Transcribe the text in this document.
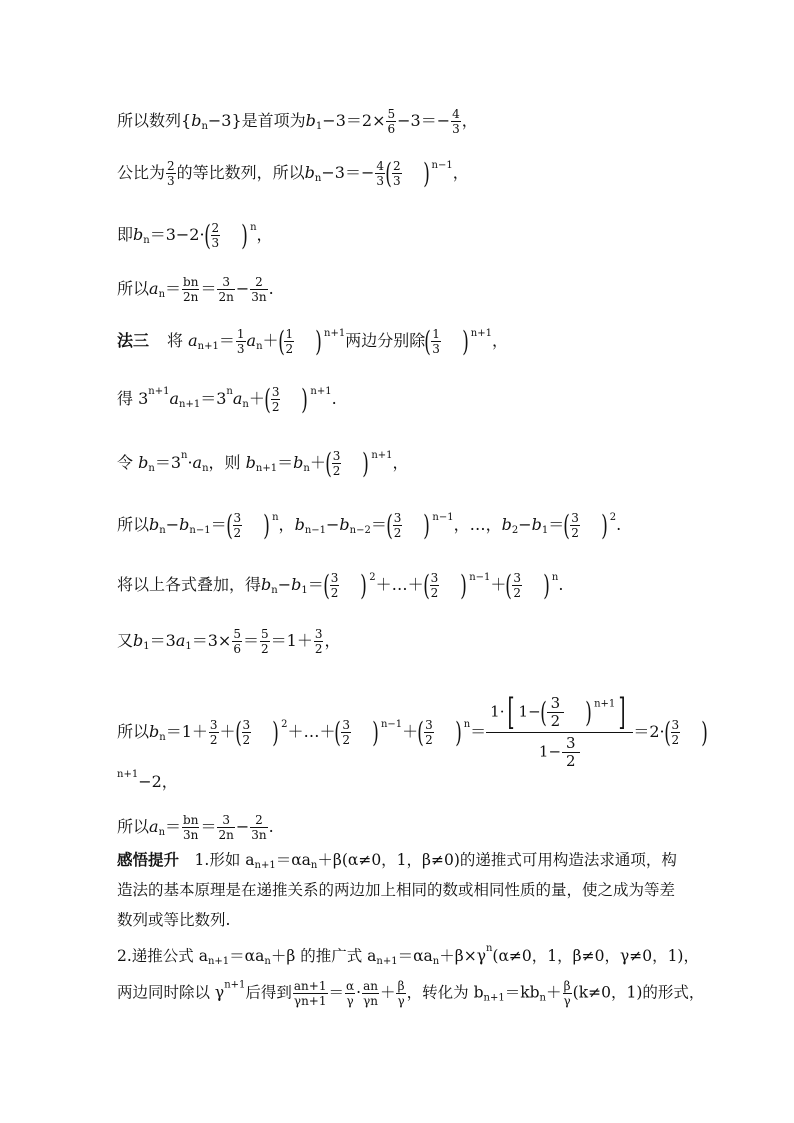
所以数列$\{b_n-3\}$是首项为$b_1-3=2\times \frac{5}{6} -3=- \frac{4}{3}$ ，
公比为 $\frac{2}{3}$ 的等比数列，所以$b_n-3=- \frac{4}{3}$ ( $\frac{2}{3}$ ) $^{n-1}$，
即$b_n=3-2\cdot( \frac{2}{3}$ ) $^n$，
所以$a_n= \frac{bn}{2n} = \frac{3}{2n} - \frac{2}{3n}$ .
法三 将 $a_{n+1}= \frac{1}{3} a_n+( \frac{1}{2}$ ) $^{n+1}$两边分别除( $\frac{1}{3}$ ) $^{n+1}$，
得 $3^{n+1}a_{n+1}=3^na_n+( \frac{3}{2}$ ) $^{n+1}$.
令 $b_n=3^n\cdot a_n$，则 $b_{n+1}=b_n+( \frac{3}{2}$ ) $^{n+1}$，
所以$b_n-b_{n-1}=( \frac{3}{2}$ ) $^n$，$b_{n-1}-b_{n-2}=( \frac{3}{2}$ ) $^{n-1}$，…，$b_2-b_1=( \frac{3}{2}$ ) $^2$.
将以上各式叠加，得$b_n-b_1=( \frac{3}{2}$ ) $^2$＋…＋( $\frac{3}{2}$ ) $^{n-1}+( \frac{3}{2}$ ) $^n$.
又$b_1=3a_1=3\times \frac{5}{6} = \frac{5}{2} =1+ \frac{3}{2}$ ，
所以$b_n=1+ \frac{3}{2}$ ＋( $\frac{3}{2}$ ) $^2$＋…＋( $\frac{3}{2}$ ) $^{n-1}+( \frac{3}{2}$ ) $^n= \frac{1\cdot[ 1-( \frac{3}{2} ) ^{n+1}]}{1- \frac{3}{2}} =2\cdot( \frac{3}{2}$ )
$^{n+1}$−2，
所以$a_n= \frac{bn}{3n} = \frac{3}{2n} - \frac{2}{3n}$ .
感悟提升　 1.形如 $a_{n+1}=\alpha a_n+\beta(\alpha\ne 0$，1，β≠0)的递推式可用构造法求通项，构造法的基本原理是在递推关系的两边加上相同的数或相同性质的量，使之成为等差数列或等比数列.
2.递推公式 $a_{n+1}=\alpha a_n+\beta$ 的推广式 $a_{n+1}=\alpha a_n+\beta\times\gamma^n(\alpha\ne 0$，1，β≠0，γ≠0，1)，
两边同时除以 $\gamma^{n+1}$后得到 $\frac{an+1}{\gamma n+1} = \frac{\alpha}{\gamma} \cdot \frac{an}{\gamma n} + \frac{\beta}{\gamma}$ ，转化为 $b_{n+1}=kb_n+ \frac{\beta}{\gamma} (k\ne 0$，1)的形式，
